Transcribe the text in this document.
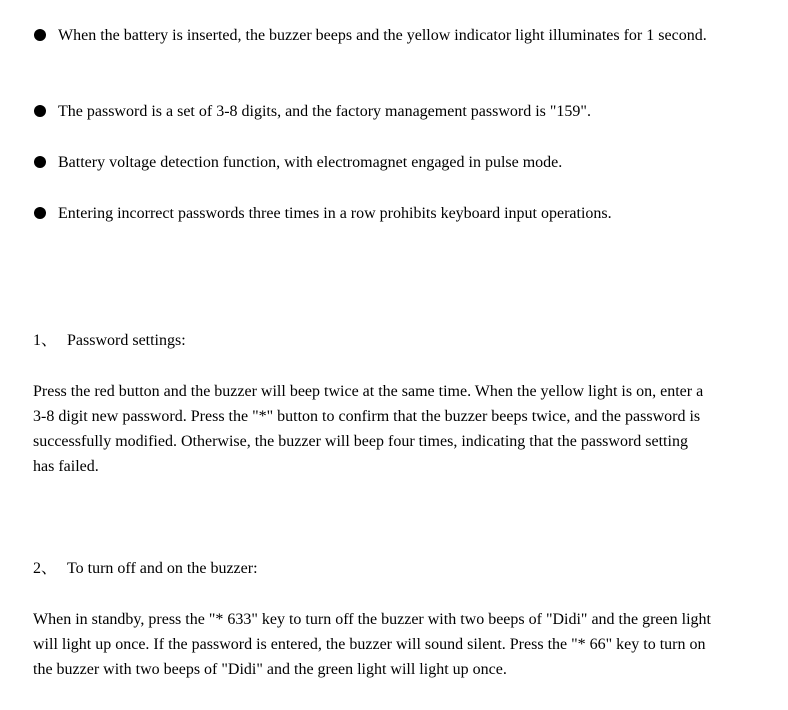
When the battery is inserted, the buzzer beeps and the yellow indicator light illuminates for 1 second.
The password is a set of 3-8 digits, and the factory management password is "159".
Battery voltage detection function, with electromagnet engaged in pulse mode.
Entering incorrect passwords three times in a row prohibits keyboard input operations.
1、 Password settings:
Press the red button and the buzzer will beep twice at the same time. When the yellow light is on, enter a 3-8 digit new password. Press the "*" button to confirm that the buzzer beeps twice, and the password is successfully modified. Otherwise, the buzzer will beep four times, indicating that the password setting has failed.
2、 To turn off and on the buzzer:
When in standby, press the "* 633" key to turn off the buzzer with two beeps of "Didi" and the green light will light up once. If the password is entered, the buzzer will sound silent. Press the "* 66" key to turn on the buzzer with two beeps of "Didi" and the green light will light up once.
